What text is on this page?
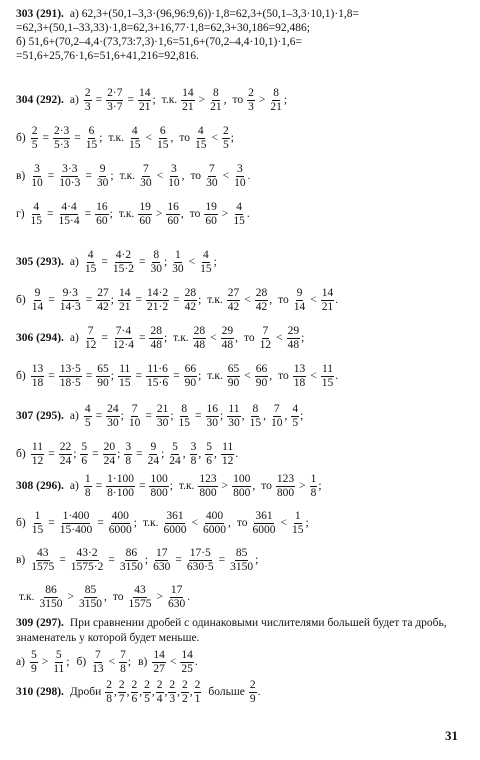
303 (291). а) 62,3+(50,1–3,3·(96,96:9,6))·1,8=62,3+(50,1–3,3·10,1)·1,8=
=62,3+(50,1–33,33)·1,8=62,3+16,77·1,8=62,3+30,186=92,486;
б) 51,6+(70,2–4,4·(73,73:7,3)·1,6=51,6+(70,2–4,4·10,1)·1,6=
=51,6+25,76·1,6=51,6+41,216=92,816.
304 (292). $а) \frac{2}{3} = \frac{2\cdot 7}{3\cdot 7} = \frac{14}{21}$ ; т.к. $\frac{14}{21} > \frac{8}{21}$ , то $\frac{2}{3} > \frac{8}{21}$ ;
$б) \frac{2}{5} = \frac{2\cdot 3}{5\cdot 3} = \frac{6}{15}$ ; т.к. $\frac{4}{15} < \frac{6}{15}$ , то $\frac{4}{15} < \frac{2}{5}$ ;
$в) \frac{3}{10} = \frac{3\cdot 3}{10\cdot 3} = \frac{9}{30}$ ; т.к. $\frac{7}{30} < \frac{3}{10}$ , то $\frac{7}{30} < \frac{3}{10}$ .
$г) \frac{4}{15} = \frac{4\cdot 4}{15\cdot 4} = \frac{16}{60}$ ; т.к. $\frac{19}{60} > \frac{16}{60}$ , то $\frac{19}{60} > \frac{4}{15}$ .
305 (293). $а) \frac{4}{15} = \frac{4\cdot 2}{15\cdot 2} = \frac{8}{30}$ ; $\frac{1}{30} < \frac{4}{15}$ ;
$б) \frac{9}{14} = \frac{9\cdot 3}{14\cdot 3} = \frac{27}{42}$ ; $\frac{14}{21} = \frac{14\cdot 2}{21\cdot 2} = \frac{28}{42}$ ; т.к. $\frac{27}{42} < \frac{28}{42}$ , то $\frac{9}{14} < \frac{14}{21}$ .
306 (294). $а) \frac{7}{12} = \frac{7\cdot 4}{12\cdot 4} = \frac{28}{48}$ ; т.к. $\frac{28}{48} < \frac{29}{48}$ , то $\frac{7}{12} < \frac{29}{48}$ ;
$б) \frac{13}{18} = \frac{13\cdot 5}{18\cdot 5} = \frac{65}{90}$ ; $\frac{11}{15} = \frac{11\cdot 6}{15\cdot 6} = \frac{66}{90}$ ; т.к. $\frac{65}{90} < \frac{66}{90}$ , то $\frac{13}{18} < \frac{11}{15}$ .
307 (295). $а) \frac{4}{5} = \frac{24}{30}$ ; $\frac{7}{10} = \frac{21}{30}$ ; $\frac{8}{15} = \frac{16}{30}$ ; $\frac{11}{30}$ , $\frac{8}{15}$ , $\frac{7}{10}$ , $\frac{4}{5}$ ;
$б) \frac{11}{12} = \frac{22}{24}$ ; $\frac{5}{6} = \frac{20}{24}$ ; $\frac{3}{8} = \frac{9}{24}$ ; $\frac{5}{24}$ , $\frac{3}{8}$ , $\frac{5}{6}$ , $\frac{11}{12}$ .
308 (296). $а) \frac{1}{8} = \frac{1\cdot 100}{8\cdot 100} = \frac{100}{800}$ ; т.к. $\frac{123}{800} > \frac{100}{800}$ , то $\frac{123}{800} > \frac{1}{8}$ ;
$б) \frac{1}{15} = \frac{1\cdot 400}{15\cdot 400} = \frac{400}{6000}$ ; т.к. $\frac{361}{6000} < \frac{400}{6000}$ , то $\frac{361}{6000} < \frac{1}{15}$ ;
$в) \frac{43}{1575} = \frac{43\cdot 2}{1575\cdot 2} = \frac{86}{3150}$ ; $\frac{17}{630} = \frac{17\cdot 5}{630\cdot 5} = \frac{85}{3150}$ ;
т.к. $\frac{86}{3150} > \frac{85}{3150}$ , то $\frac{43}{1575} > \frac{17}{630}$ .
309 (297). При сравнении дробей с одинаковыми числителями большей будет та дробь, знаменатель у которой будет меньше.
$а) \frac{5}{9} > \frac{5}{11}$ ; $б) \frac{7}{13} < \frac{7}{8}$ ; $в) \frac{14}{27} < \frac{14}{25}$ .
310 (298). Дроби $\frac{2}{8}$ , $\frac{2}{7}$ , $\frac{2}{6}$ , $\frac{2}{5}$ , $\frac{2}{4}$ , $\frac{2}{3}$ , $\frac{2}{2}$ , $\frac{2}{1}$ больше $\frac{2}{9}$ .
31
